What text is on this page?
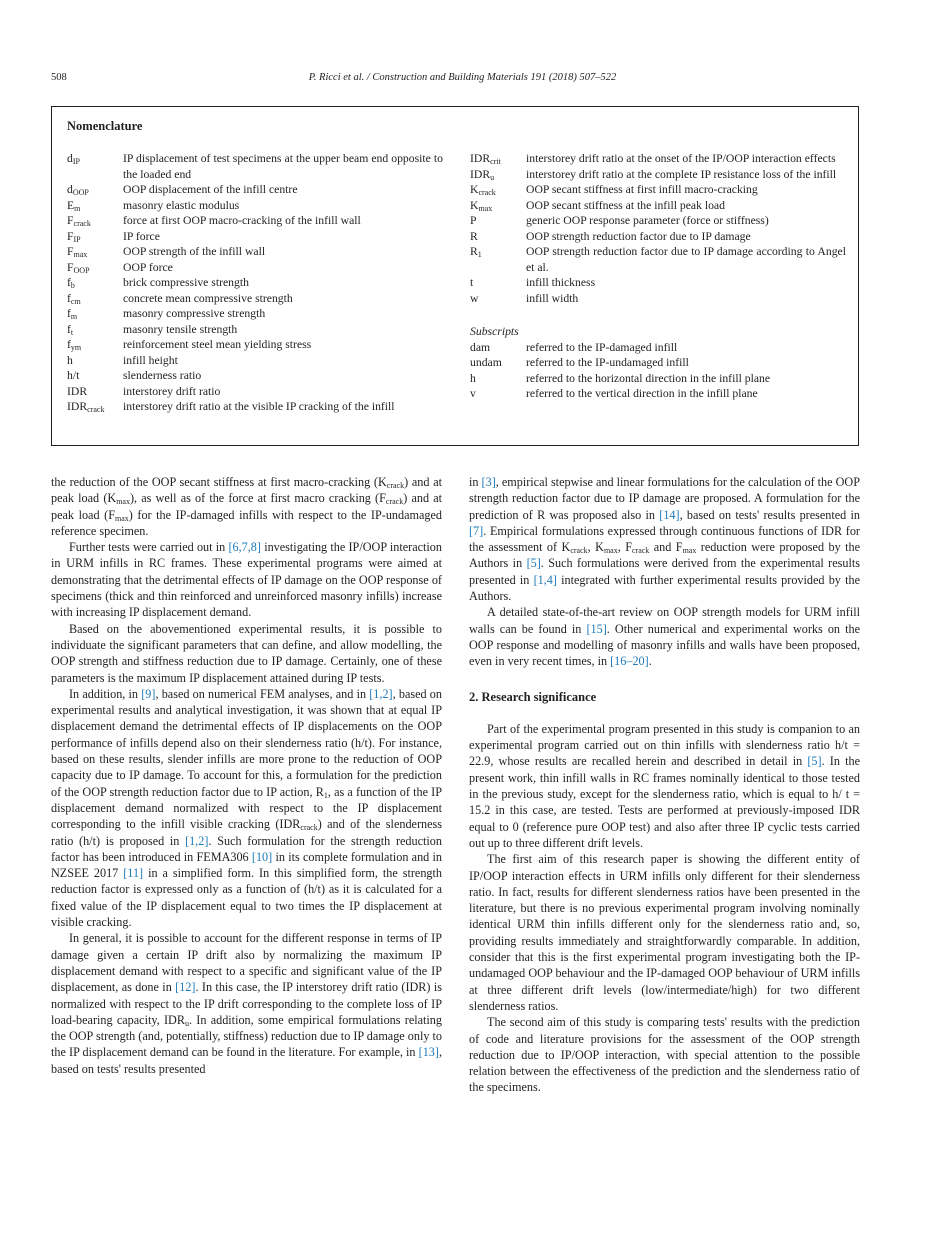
508	P. Ricci et al. / Construction and Building Materials 191 (2018) 507–522
Nomenclature
$d_{IP}$	IP displacement of test specimens at the upper beam end opposite to the loaded end
$d_{OOP}$	OOP displacement of the infill centre
$E_m$	masonry elastic modulus
$F_{crack}$	force at first OOP macro-cracking of the infill wall
$F_{IP}$	IP force
$F_{max}$	OOP strength of the infill wall
$F_{OOP}$	OOP force
$f_b$	brick compressive strength
$f_{cm}$	concrete mean compressive strength
$f_m$	masonry compressive strength
$f_t$	masonry tensile strength
$f_{ym}$	reinforcement steel mean yielding stress
h	infill height
h/t	slenderness ratio
IDR	interstorey drift ratio
$IDR_{crack}$	interstorey drift ratio at the visible IP cracking of the infill
$IDR_{crit}$	interstorey drift ratio at the onset of the IP/OOP interaction effects
$IDR_u$	interstorey drift ratio at the complete IP resistance loss of the infill
$K_{crack}$	OOP secant stiffness at first infill macro-cracking
$K_{max}$	OOP secant stiffness at the infill peak load
P	generic OOP response parameter (force or stiffness)
R	OOP strength reduction factor due to IP damage
$R_1$	OOP strength reduction factor due to IP damage according to Angel et al.
t	infill thickness
w	infill width
Subscripts
dam	referred to the IP-damaged infill
undam	referred to the IP-undamaged infill
h	referred to the horizontal direction in the infill plane
v	referred to the vertical direction in the infill plane

the reduction of the OOP secant stiffness at first macro-cracking $(K_{crack})$ and at peak load $(K_{max})$, as well as of the force at first macro cracking $(F_{crack})$ and at peak load $(F_{max})$ for the IP-damaged infills with respect to the IP-undamaged reference specimen.

Further tests were carried out in [6,7,8] investigating the IP/OOP interaction in URM infills in RC frames. These experimental programs were aimed at demonstrating that the detrimental effects of IP damage on the OOP response of specimens (thick and thin reinforced and unreinforced masonry infills) increase with increasing IP displacement demand.

Based on the abovementioned experimental results, it is possible to individuate the significant parameters that can define, and allow modelling, the OOP strength and stiffness reduction due to IP damage. Certainly, one of these parameters is the maximum IP displacement attained during IP tests.

In addition, in [9], based on numerical FEM analyses, and in [1,2], based on experimental results and analytical investigation, it was shown that at equal IP displacement demand the detrimental effects of IP displacements on the OOP performance of infills depend also on their slenderness ratio (h/t). For instance, based on these results, slender infills are more prone to the reduction of OOP capacity due to IP damage. To account for this, a formulation for the prediction of the OOP strength reduction factor due to IP action, $R_1$, as a function of the IP displacement demand normalized with respect to the IP displacement corresponding to the infill visible cracking $(IDR_{crack})$ and of the slenderness ratio (h/t) is proposed in [1,2]. Such formulation for the strength reduction factor has been introduced in FEMA306 [10] in its complete formulation and in NZSEE 2017 [11] in a simplified form. In this simplified form, the strength reduction factor is expressed only as a function of (h/t) as it is calculated for a fixed value of the IP displacement equal to two times the IP displacement at visible cracking.

In general, it is possible to account for the different response in terms of IP damage given a certain IP drift also by normalizing the maximum IP displacement demand with respect to a specific and significant value of the IP displacement, as done in [12]. In this case, the IP interstorey drift ratio (IDR) is normalized with respect to the IP drift corresponding to the complete loss of IP load-bearing capacity, $IDR_u$. In addition, some empirical formulations relating the OOP strength (and, potentially, stiffness) reduction due to IP damage only to the IP displacement demand can be found in the literature. For example, in [13], based on tests' results presented

in [3], empirical stepwise and linear formulations for the calculation of the OOP strength reduction factor due to IP damage are proposed. A formulation for the prediction of R was proposed also in [14], based on tests' results presented in [7]. Empirical formulations expressed through continuous functions of IDR for the assessment of $K_{crack}$, $K_{max}$, $F_{crack}$ and $F_{max}$ reduction were proposed by the Authors in [5]. Such formulations were derived from the experimental results presented in [1,4] integrated with further experimental results provided by the Authors.

A detailed state-of-the-art review on OOP strength models for URM infill walls can be found in [15]. Other numerical and experimental works on the OOP response and modelling of masonry infills and walls have been proposed, even in very recent times, in [16–20].

2. Research significance

Part of the experimental program presented in this study is companion to an experimental program carried out on thin infills with slenderness ratio h/t = 22.9, whose results are recalled herein and described in detail in [5]. In the present work, thin infill walls in RC frames nominally identical to those tested in the previous study, except for the slenderness ratio, which is equal to h/ t = 15.2 in this case, are tested. Tests are performed at previously-imposed IDR equal to 0 (reference pure OOP test) and also after three IP cyclic tests carried out up to three different drift levels.

The first aim of this research paper is showing the different entity of IP/OOP interaction effects in URM infills only different for their slenderness ratio. In fact, results for different slenderness ratios have been presented in the literature, but there is no previous experimental program involving nominally identical URM thin infills different only for the slenderness ratio and, so, providing results immediately and straightforwardly comparable. In addition, consider that this is the first experimental program investigating both the IP-undamaged OOP behaviour and the IP-damaged OOP behaviour of URM infills at three different drift levels (low/intermediate/high) for two different slenderness ratios.

The second aim of this study is comparing tests' results with the prediction of code and literature provisions for the assessment of the OOP strength reduction due to IP/OOP interaction, with special attention to the possible relation between the effectiveness of the prediction and the slenderness ratio of the specimens.
